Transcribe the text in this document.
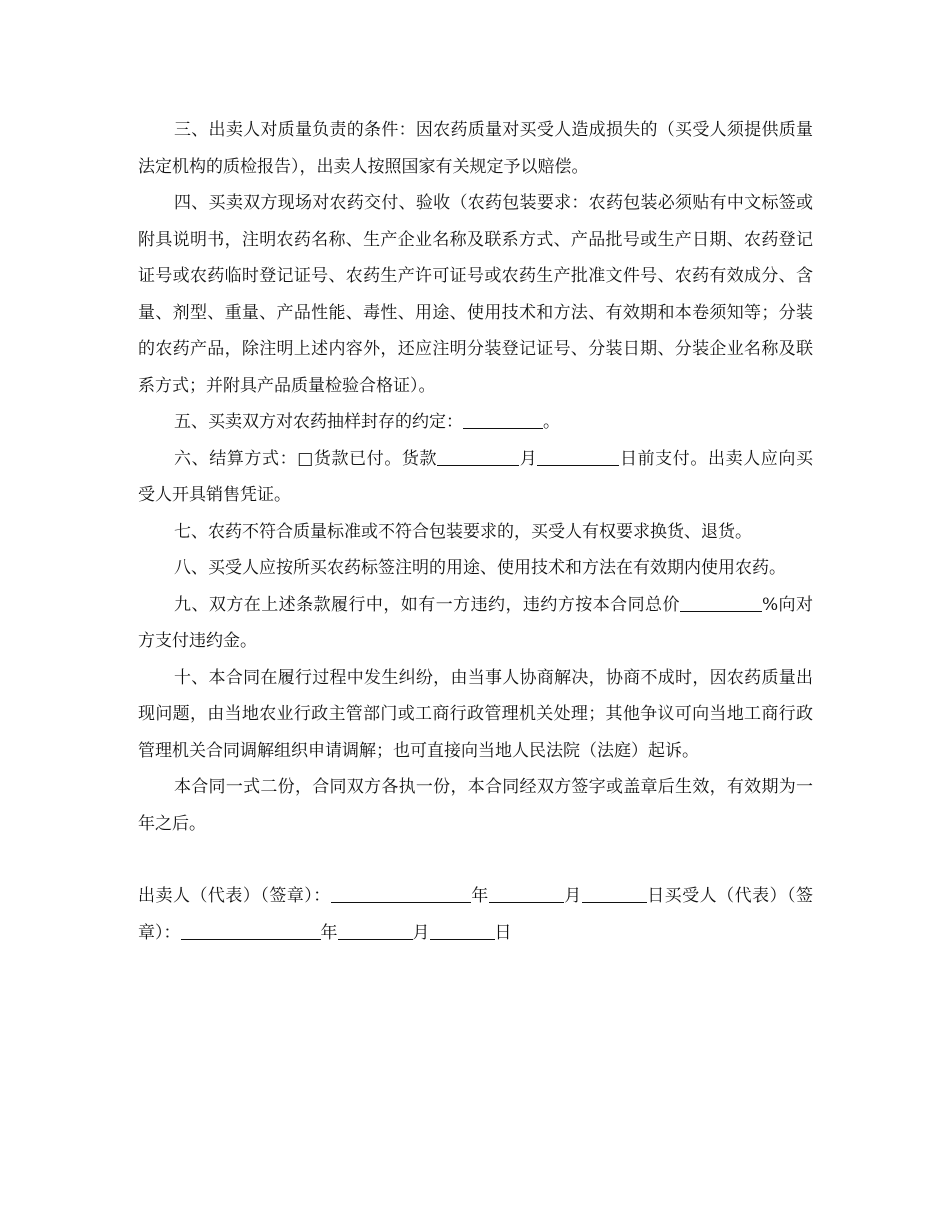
三、出卖人对质量负责的条件：因农药质量对买受人造成损失的（买受人须提供质量法定机构的质检报告），出卖人按照国家有关规定予以赔偿。

四、买卖双方现场对农药交付、验收（农药包装要求：农药包装必须贴有中文标签或附具说明书，注明农药名称、生产企业名称及联系方式、产品批号或生产日期、农药登记证号或农药临时登记证号、农药生产许可证号或农药生产批准文件号、农药有效成分、含量、剂型、重量、产品性能、毒性、用途、使用技术和方法、有效期和本卷须知等；分装的农药产品，除注明上述内容外，还应注明分装登记证号、分装日期、分装企业名称及联系方式；并附具产品质量检验合格证）。

五、买卖双方对农药抽样封存的约定：	。

六、结算方式：□货款已付。货款	月	日前支付。出卖人应向买受人开具销售凭证。

七、农药不符合质量标准或不符合包装要求的，买受人有权要求换货、退货。

八、买受人应按所买农药标签注明的用途、使用技术和方法在有效期内使用农药。

九、双方在上述条款履行中，如有一方违约，违约方按本合同总价	%向对方支付违约金。

十、本合同在履行过程中发生纠纷，由当事人协商解决，协商不成时，因农药质量出现问题，由当地农业行政主管部门或工商行政管理机关处理；其他争议可向当地工商行政管理机关合同调解组织申请调解；也可直接向当地人民法院（法庭）起诉。

本合同一式二份，合同双方各执一份，本合同经双方签字或盖章后生效，有效期为一年之后。

出卖人（代表）（签章）：	年	月	日买受人（代表）（签章）：	年	月	日
